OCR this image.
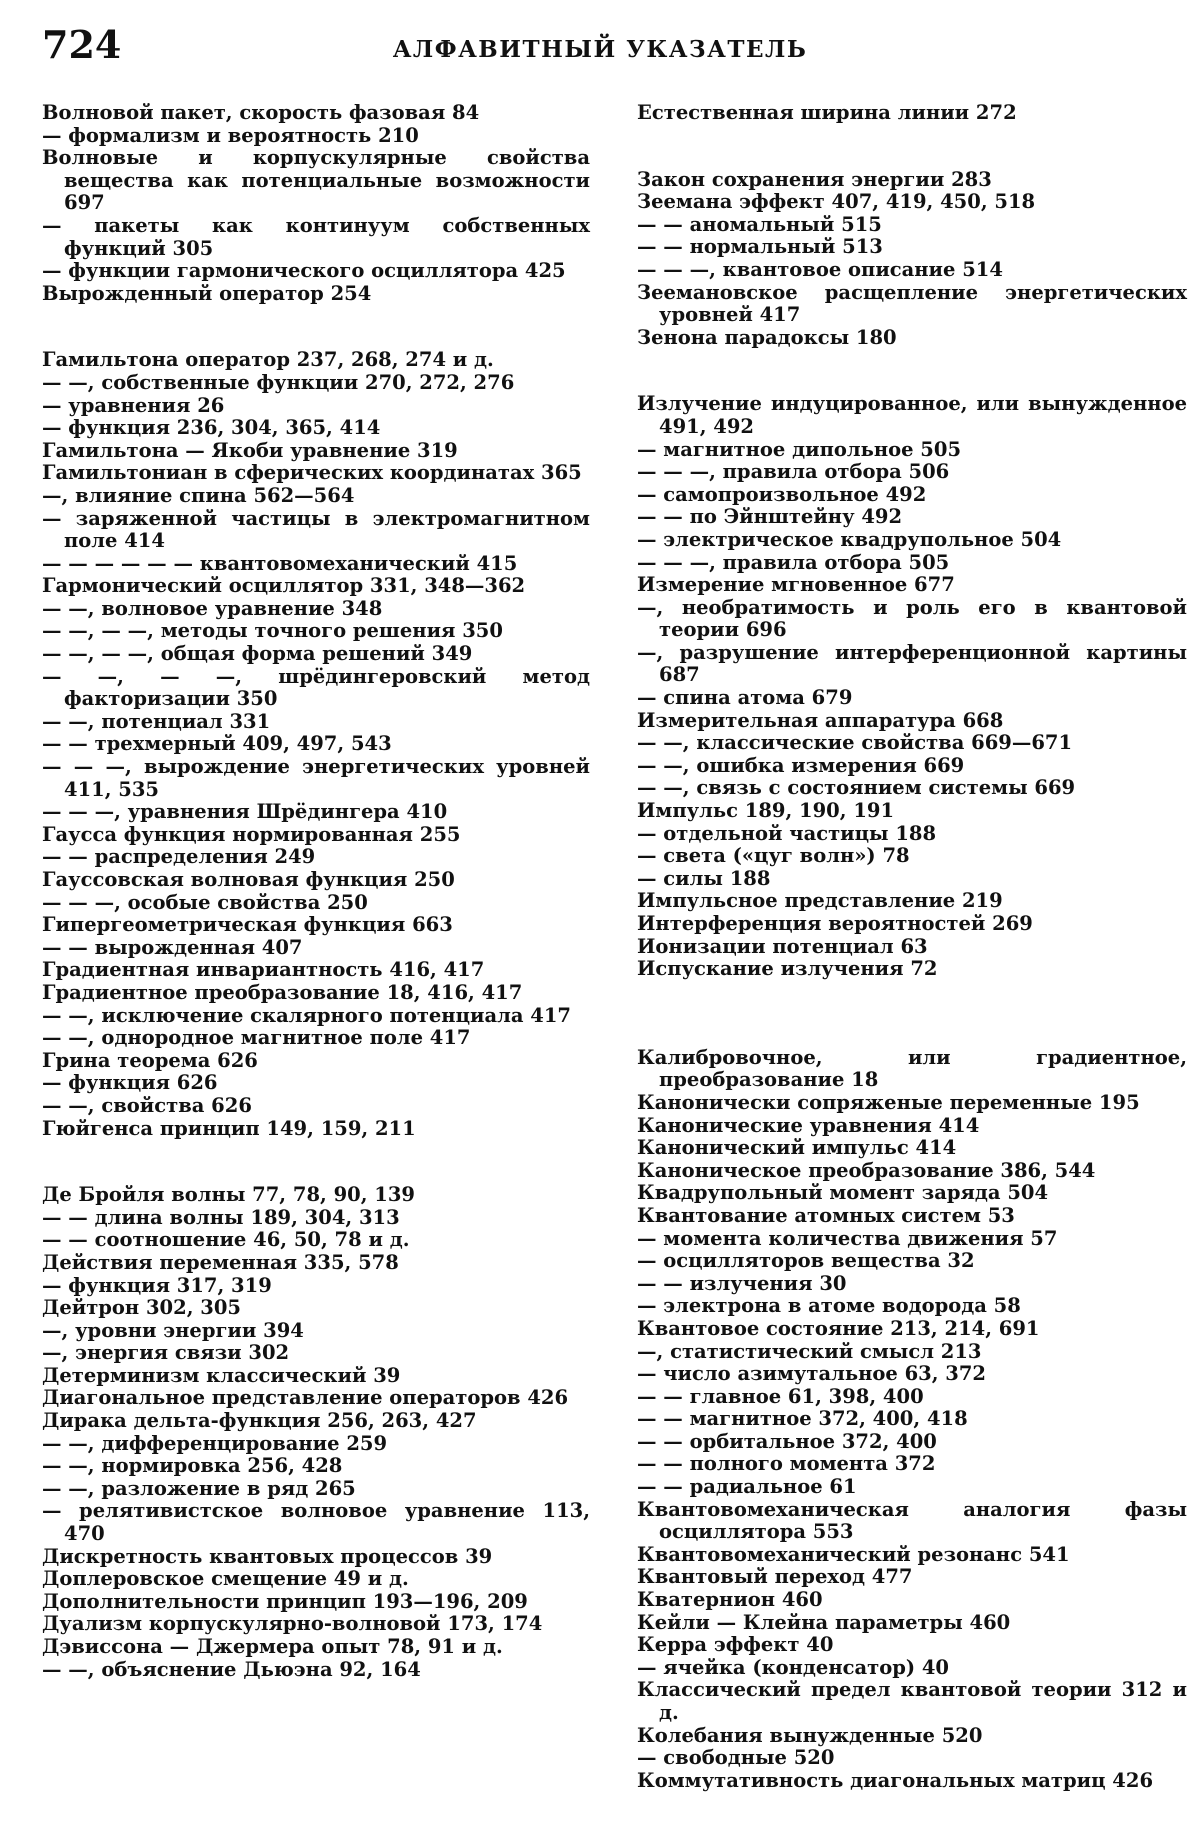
724	АЛФАВИТНЫЙ УКАЗАТЕЛЬ

Волновой пакет, скорость фазовая 84

— формализм и вероятность 210

Волновые и корпускулярные свойства вещества как потенциальные возможности 697

— пакеты как континуум собственных функций 305

— функции гармонического осциллятора 425

Вырожденный оператор 254

Гамильтона оператор 237, 268, 274 и д.

— —, собственные функции 270, 272, 276

— уравнения 26

— функция 236, 304, 365, 414

Гамильтона — Якоби уравнение 319

Гамильтониан в сферических координатах 365

—, влияние спина 562—564

— заряженной частицы в электромагнитном поле 414

— — — — — — квантовомеханический 415

Гармонический осциллятор 331, 348—362

— —, волновое уравнение 348

— —, — —, методы точного решения 350

— —, — —, общая форма решений 349

— —, — —, шрёдингеровский метод факторизации 350

— —, потенциал 331

— — трехмерный 409, 497, 543

— — —, вырождение энергетических уровней 411, 535

— — —, уравнения Шрёдингера 410

Гаусса функция нормированная 255

— — распределения 249

Гауссовская волновая функция 250

— — —, особые свойства 250

Гипергеометрическая функция 663

— — вырожденная 407

Градиентная инвариантность 416, 417

Градиентное преобразование 18, 416, 417

— —, исключение скалярного потенциала 417

— —, однородное магнитное поле 417

Грина теорема 626

— функция 626

— —, свойства 626

Гюйгенса принцип 149, 159, 211

Де Бройля волны 77, 78, 90, 139

— — длина волны 189, 304, 313

— — соотношение 46, 50, 78 и д.

Действия переменная 335, 578

— функция 317, 319

Дейтрон 302, 305

—, уровни энергии 394

—, энергия связи 302

Детерминизм классический 39

Диагональное представление операторов 426

Дирака дельта-функция 256, 263, 427

— —, дифференцирование 259

— —, нормировка 256, 428

— —, разложение в ряд 265

— релятивистское волновое уравнение 113, 470

Дискретность квантовых процессов 39

Доплеровское смещение 49 и д.

Дополнительности принцип 193—196, 209

Дуализм корпускулярно-волновой 173, 174

Дэвиссона — Джермера опыт 78, 91 и д.

— —, объяснение Дьюэна 92, 164

Естественная ширина линии 272

Закон сохранения энергии 283

Зеемана эффект 407, 419, 450, 518

— — аномальный 515

— — нормальный 513

— — —, квантовое описание 514

Зеемановское расщепление энергетических уровней 417

Зенона парадоксы 180

Излучение индуцированное, или вынужденное 491, 492

— магнитное дипольное 505

— — —, правила отбора 506

— самопроизвольное 492

— — по Эйнштейну 492

— электрическое квадрупольное 504

— — —, правила отбора 505

Измерение мгновенное 677

—, необратимость и роль его в квантовой теории 696

—, разрушение интерференционной картины 687

— спина атома 679

Измерительная аппаратура 668

— —, классические свойства 669—671

— —, ошибка измерения 669

— —, связь с состоянием системы 669

Импульс 189, 190, 191

— отдельной частицы 188

— света («цуг волн») 78

— силы 188

Импульсное представление 219

Интерференция вероятностей 269

Ионизации потенциал 63

Испускание излучения 72

Калибровочное, или градиентное, преобразование 18

Канонически сопряженые переменные 195

Канонические уравнения 414

Канонический импульс 414

Каноническое преобразование 386, 544

Квадрупольный момент заряда 504

Квантование атомных систем 53

— момента количества движения 57

— осцилляторов вещества 32

— — излучения 30

— электрона в атоме водорода 58

Квантовое состояние 213, 214, 691

—, статистический смысл 213

— число азимутальное 63, 372

— — главное 61, 398, 400

— — магнитное 372, 400, 418

— — орбитальное 372, 400

— — полного момента 372

— — радиальное 61

Квантовомеханическая аналогия фазы осциллятора 553

Квантовомеханический резонанс 541

Квантовый переход 477

Кватернион 460

Кейли — Клейна параметры 460

Керра эффект 40

— ячейка (конденсатор) 40

Классический предел квантовой теории 312 и д.

Колебания вынужденные 520

— свободные 520

Коммутативность диагональных матриц 426
